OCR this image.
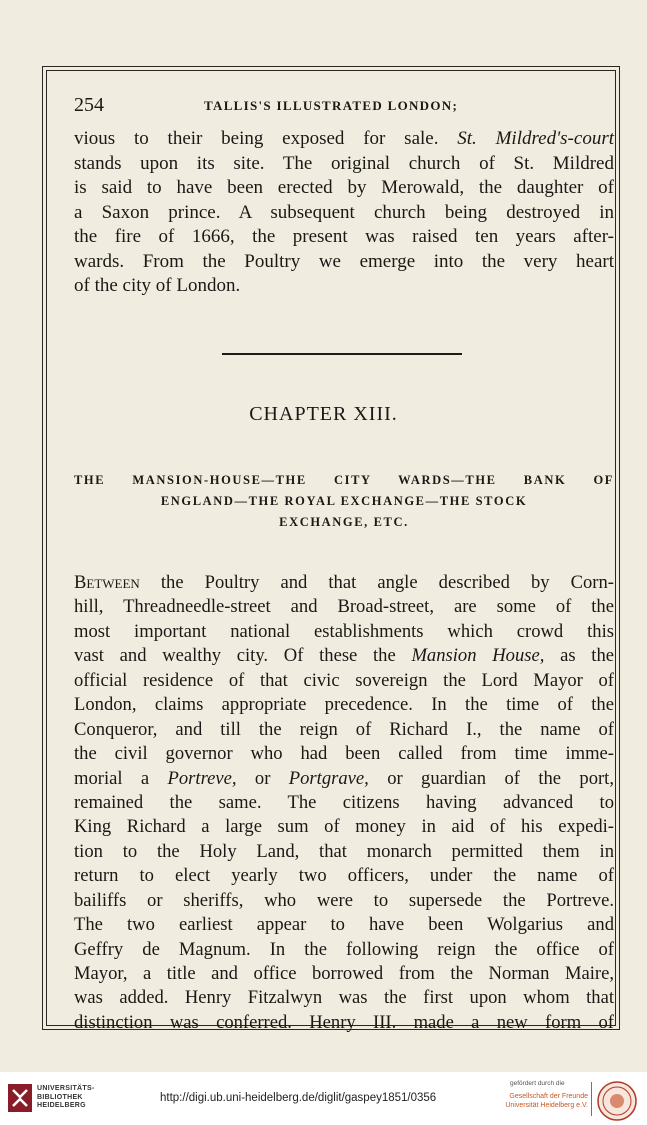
254	TALLIS'S ILLUSTRATED LONDON;
vious to their being exposed for sale. St. Mildred's-court
stands upon its site. The original church of St. Mildred
is said to have been erected by Merowald, the daughter of
a Saxon prince. A subsequent church being destroyed in
the fire of 1666, the present was raised ten years after-
wards. From the Poultry we emerge into the very heart
of the city of London.
CHAPTER XIII.
THE MANSION-HOUSE—THE CITY WARDS—THE BANK OF
ENGLAND—THE ROYAL EXCHANGE—THE STOCK
EXCHANGE, ETC.
Between the Poultry and that angle described by Corn-
hill, Threadneedle-street and Broad-street, are some of the
most important national establishments which crowd this
vast and wealthy city. Of these the Mansion House, as the
official residence of that civic sovereign the Lord Mayor of
London, claims appropriate precedence. In the time of the
Conqueror, and till the reign of Richard I., the name of
the civil governor who had been called from time imme-
morial a Portreve, or Portgrave, or guardian of the port,
remained the same. The citizens having advanced to
King Richard a large sum of money in aid of his expedi-
tion to the Holy Land, that monarch permitted them in
return to elect yearly two officers, under the name of
bailiffs or sheriffs, who were to supersede the Portreve.
The two earliest appear to have been Wolgarius and
Geffry de Magnum. In the following reign the office of
Mayor, a title and office borrowed from the Norman Maire,
was added. Henry Fitzalwyn was the first upon whom that
distinction was conferred. Henry III. made a new form of
UNIVERSITÄTS-
BIBLIOTHEK
HEIDELBERG
http://digi.ub.uni-heidelberg.de/diglit/gaspey1851/0356
gefördert durch die
Gesellschaft der Freunde
Universität Heidelberg e.V.
